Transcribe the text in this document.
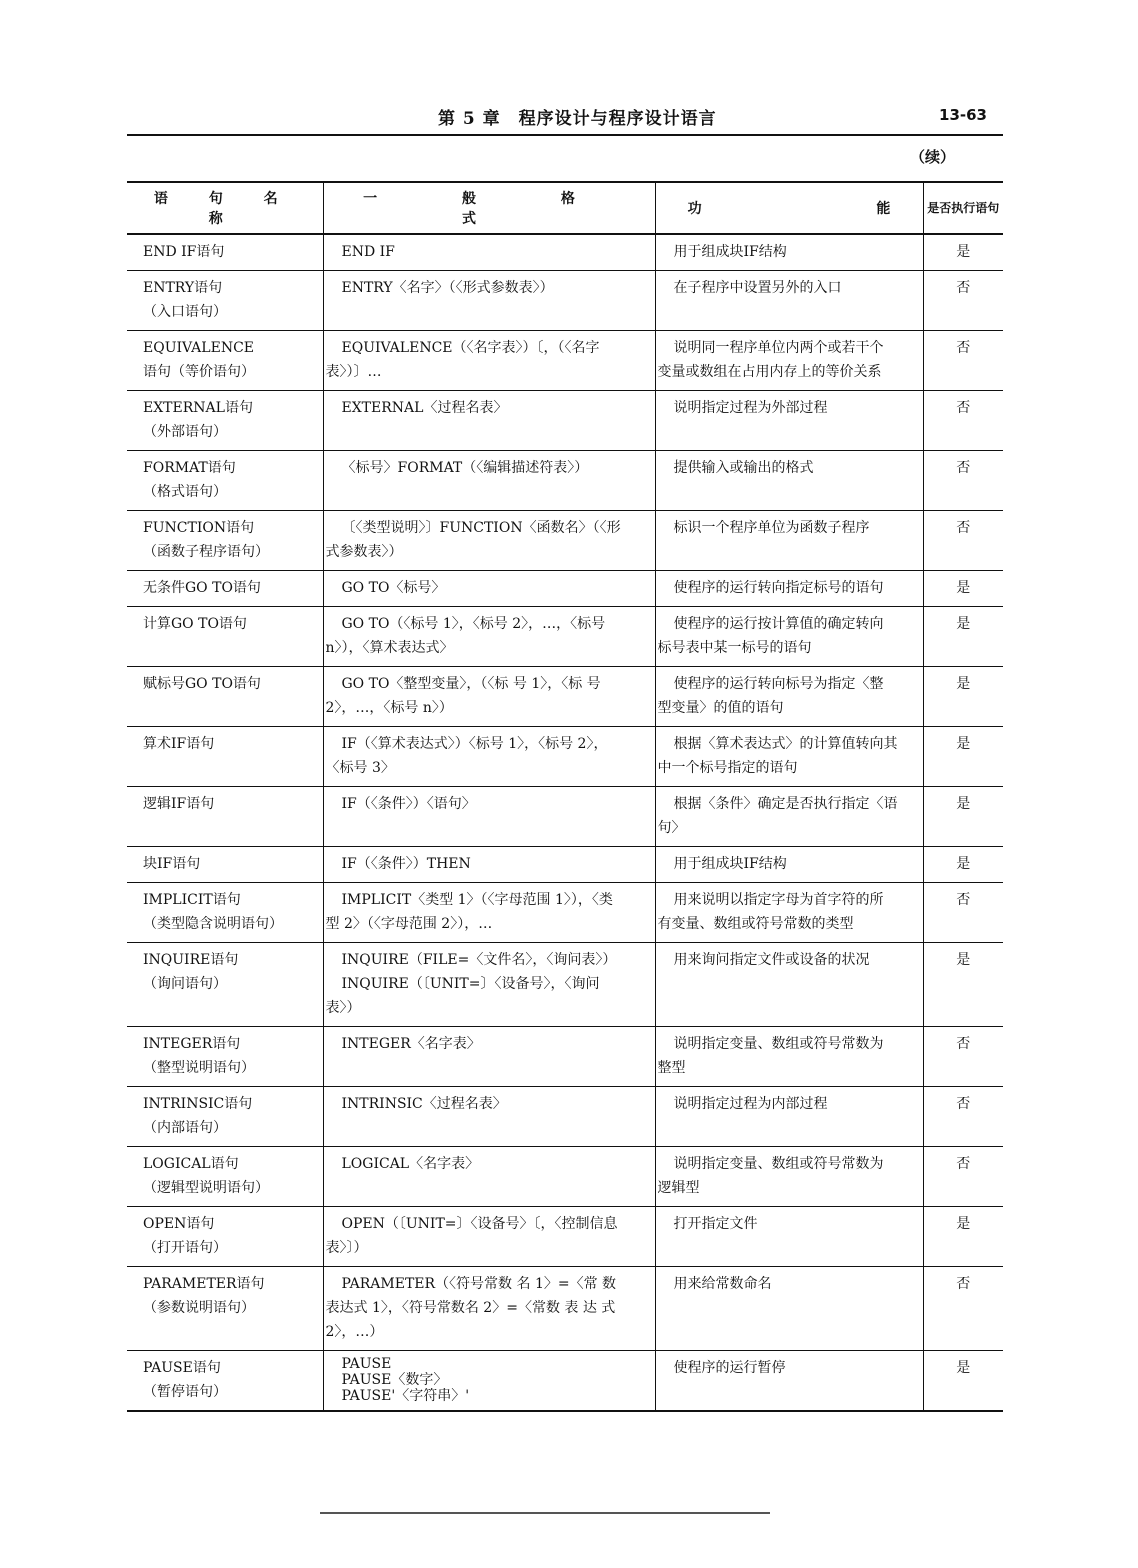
第 5 章　程序设计与程序设计语言	13-63
（续）
语 句 名 称	一 般 格 式	功 能	是否执行语句

END IF语句	END IF	用于组成块IF结构	是

ENTRY语句
（入口语句）	ENTRY〈名字〉（〈形式参数表〉）	在子程序中设置另外的入口	否

EQUIVALENCE
语句（等价语句）	EQUIVALENCE（〈名字表〉）〔，（〈名字
表〉）〕…	说明同一程序单位内两个或若干个
变量或数组在占用内存上的等价关系	否

EXTERNAL语句
（外部语句）	EXTERNAL〈过程名表〉	说明指定过程为外部过程	否

FORMAT语句
（格式语句）	〈标号〉FORMAT（〈编辑描述符表〉）	提供输入或输出的格式	否

FUNCTION语句
（函数子程序语句）	〔〈类型说明〉〕FUNCTION〈函数名〉（〈形
式参数表〉）	标识一个程序单位为函数子程序	否

无条件GO TO语句	GO TO〈标号〉	使程序的运行转向指定标号的语句	是

计算GO TO语句	GO TO（〈标号 1〉，〈标号 2〉，…，〈标号
n〉），〈算术表达式〉	使程序的运行按计算值的确定转向
标号表中某一标号的语句	是

赋标号GO TO语句	GO TO〈整型变量〉，（〈标 号 1〉，〈标 号
2〉，…，〈标号 n〉）	使程序的运行转向标号为指定〈整
型变量〉的值的语句	是

算术IF语句	IF（〈算术表达式〉）〈标号 1〉，〈标号 2〉，
〈标号 3〉	根据〈算术表达式〉的计算值转向其
中一个标号指定的语句	是

逻辑IF语句	IF（〈条件〉）〈语句〉	根据〈条件〉确定是否执行指定〈语
句〉	是

块IF语句	IF（〈条件〉）THEN	用于组成块IF结构	是

IMPLICIT语句
（类型隐含说明语句）	IMPLICIT〈类型 1〉（〈字母范围 1〉），〈类
型 2〉（〈字母范围 2〉），…	用来说明以指定字母为首字符的所
有变量、数组或符号常数的类型	否

INQUIRE语句
（询问语句）	INQUIRE（FILE=〈文件名〉，〈询问表〉）
INQUIRE（〔UNIT=〕〈设备号〉，〈询问
表〉）	用来询问指定文件或设备的状况	是

INTEGER语句
（整型说明语句）	INTEGER〈名字表〉	说明指定变量、数组或符号常数为
整型	否

INTRINSIC语句
（内部语句）	INTRINSIC〈过程名表〉	说明指定过程为内部过程	否

LOGICAL语句
（逻辑型说明语句）	LOGICAL〈名字表〉	说明指定变量、数组或符号常数为
逻辑型	否

OPEN语句
（打开语句）	OPEN（〔UNIT=〕〈设备号〉〔，〈控制信息
表〉〕）	打开指定文件	是

PARAMETER语句
（参数说明语句）	PARAMETER（〈符号常数 名 1〉=〈常 数
表达式 1〉，〈符号常数名 2〉=〈常数 表 达 式
2〉，…）	用来给常数命名	否

PAUSE语句
（暂停语句）	PAUSE
PAUSE〈数字〉
PAUSE'〈字符串〉'	使程序的运行暂停	是
